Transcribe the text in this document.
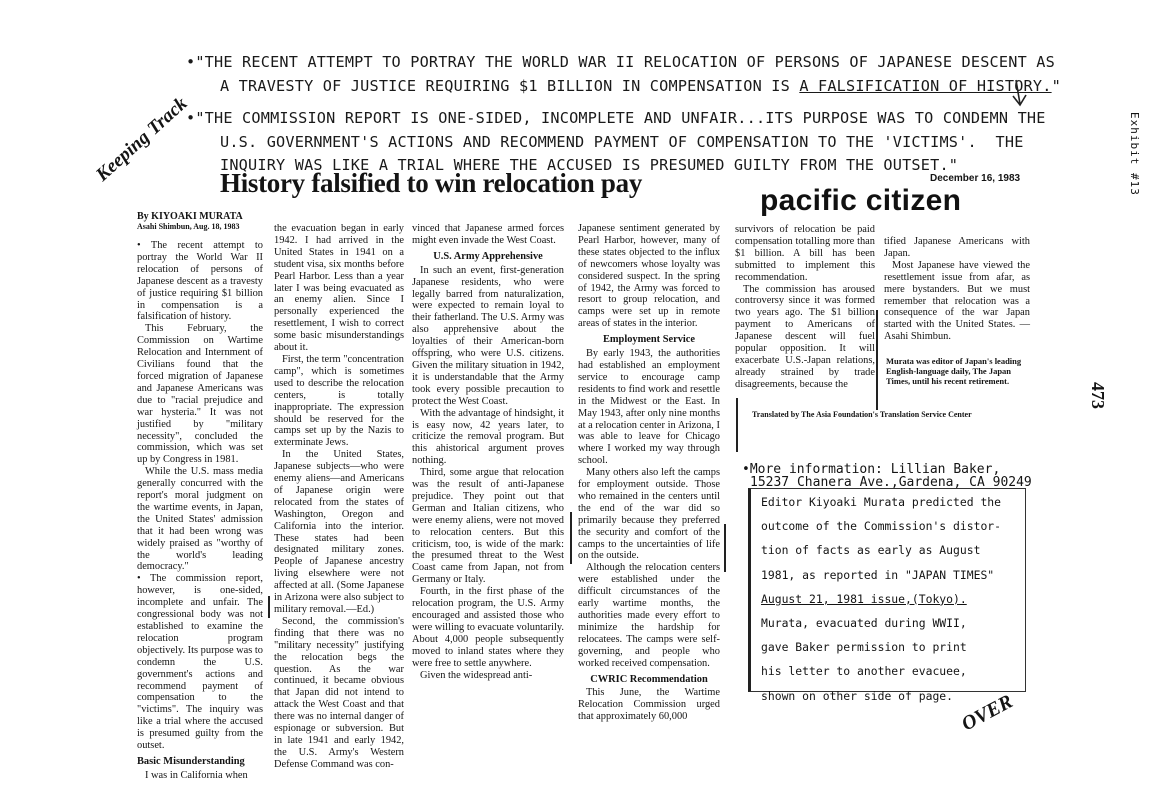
•"THE RECENT ATTEMPT TO PORTRAY THE WORLD WAR II RELOCATION OF PERSONS OF JAPANESE DESCENT AS
A TRAVESTY OF JUSTICE REQUIRING $1 BILLION IN COMPENSATION IS A FALSIFICATION OF HISTORY."
•"THE COMMISSION REPORT IS ONE-SIDED, INCOMPLETE AND UNFAIR...ITS PURPOSE WAS TO CONDEMN THE
U.S. GOVERNMENT'S ACTIONS AND RECOMMEND PAYMENT OF COMPENSATION TO THE 'VICTIMS'.  THE
INQUIRY WAS LIKE A TRIAL WHERE THE ACCUSED IS PRESUMED GUILTY FROM THE OUTSET."	Exhibit #13
Keeping Track History falsified to win relocation pay	December 16, 1983
pacific citizen
473
By KIYOAKI MURATA
Asahi Shimbun, Aug. 18, 1983

• The recent attempt to portray the World War II relocation of persons of Japanese descent as a travesty of justice requiring $1 billion in compensation is a falsification of history.

This February, the Commission on Wartime Relocation and Internment of Civilians found that the forced migration of Japanese and Japanese Americans was due to "racial prejudice and war hysteria." It was not justified by "military necessity", concluded the commission, which was set up by Congress in 1981.

While the U.S. mass media generally concurred with the report's moral judgment on the wartime events, in Japan, the United States' admission that it had been wrong was widely praised as "worthy of the world's leading democracy."

• The commission report, however, is one-sided, incomplete and unfair. The congressional body was not established to examine the relocation program objectively. Its purpose was to condemn the U.S. government's actions and recommend payment of compensation to the "victims". The inquiry was like a trial where the accused is presumed guilty from the outset.

Basic Misunderstanding

I was in California when

the evacuation began in early 1942. I had arrived in the United States in 1941 on a student visa, six months before Pearl Harbor. Less than a year later I was being evacuated as an enemy alien. Since I personally experienced the resettlement, I wish to correct some basic misunderstandings about it.

First, the term "concentration camp", which is sometimes used to describe the relocation centers, is totally inappropriate. The expression should be reserved for the camps set up by the Nazis to exterminate Jews.

In the United States, Japanese subjects—who were enemy aliens—and Americans of Japanese origin were relocated from the states of Washington, Oregon and California into the interior. These states had been designated military zones. People of Japanese ancestry living elsewhere were not affected at all. (Some Japanese in Arizona were also subject to military removal.—Ed.)

Second, the commission's finding that there was no "military necessity" justifying the relocation begs the question. As the war continued, it became obvious that Japan did not intend to attack the West Coast and that there was no internal danger of espionage or subversion. But in late 1941 and early 1942, the U.S. Army's Western Defense Command was con-

vinced that Japanese armed forces might even invade the West Coast.

U.S. Army Apprehensive

In such an event, first-generation Japanese residents, who were legally barred from naturalization, were expected to remain loyal to their fatherland. The U.S. Army was also apprehensive about the loyalties of their American-born offspring, who were U.S. citizens. Given the military situation in 1942, it is understandable that the Army took every possible precaution to protect the West Coast.

With the advantage of hindsight, it is easy now, 42 years later, to criticize the removal program. But this ahistorical argument proves nothing.

Third, some argue that relocation was the result of anti-Japanese prejudice. They point out that German and Italian citizens, who were enemy aliens, were not moved to relocation centers. But this criticism, too, is wide of the mark: the presumed threat to the West Coast came from Japan, not from Germany or Italy.

Fourth, in the first phase of the relocation program, the U.S. Army encouraged and assisted those who were willing to evacuate voluntarily. About 4,000 people subsequently moved to inland states where they were free to settle anywhere.

Given the widespread anti-

Japanese sentiment generated by Pearl Harbor, however, many of these states objected to the influx of newcomers whose loyalty was considered suspect. In the spring of 1942, the Army was forced to resort to group relocation, and camps were set up in remote areas of states in the interior.

Employment Service

By early 1943, the authorities had established an employment service to encourage camp residents to find work and resettle in the Midwest or the East. In May 1943, after only nine months at a relocation center in Arizona, I was able to leave for Chicago where I worked my way through school.

Many others also left the camps for employment outside. Those who remained in the centers until the end of the war did so primarily because they preferred the security and comfort of the camps to the uncertainties of life on the outside.

Although the relocation centers were established under the difficult circumstances of the early wartime months, the authorities made every effort to minimize the hardship for relocatees. The camps were self-governing, and people who worked received compensation.

CWRIC Recommendation

This June, the Wartime Relocation Commission urged that approximately 60,000

survivors of relocation be paid compensation totalling more than $1 billion. A bill has been submitted to implement this recommendation.

The commission has aroused controversy since it was formed two years ago. The $1 billion payment to Americans of Japanese descent will fuel popular opposition. It will exacerbate U.S.-Japan relations, already strained by trade disagreements, because the

tified Japanese Americans with Japan.

Most Japanese have viewed the resettlement issue from afar, as mere bystanders. But we must remember that relocation was a consequence of the war Japan started with the United States. —Asahi Shimbun.

Murata was editor of Japan's leading English-language daily, The Japan Times, until his recent retirement.
Translated by The Asia Foundation's Translation Service Center
•More information: Lillian Baker,
15237 Chanera Ave.,Gardena, CA 90249

Editor Kiyoaki Murata predicted the

outcome of the Commission's distor-

tion of facts as early as August

1981, as reported in "JAPAN TIMES"

August 21, 1981 issue,(Tokyo).

Murata, evacuated during WWII,

gave Baker permission to print

his letter to another evacuee,

shown on other side of page. OVER
